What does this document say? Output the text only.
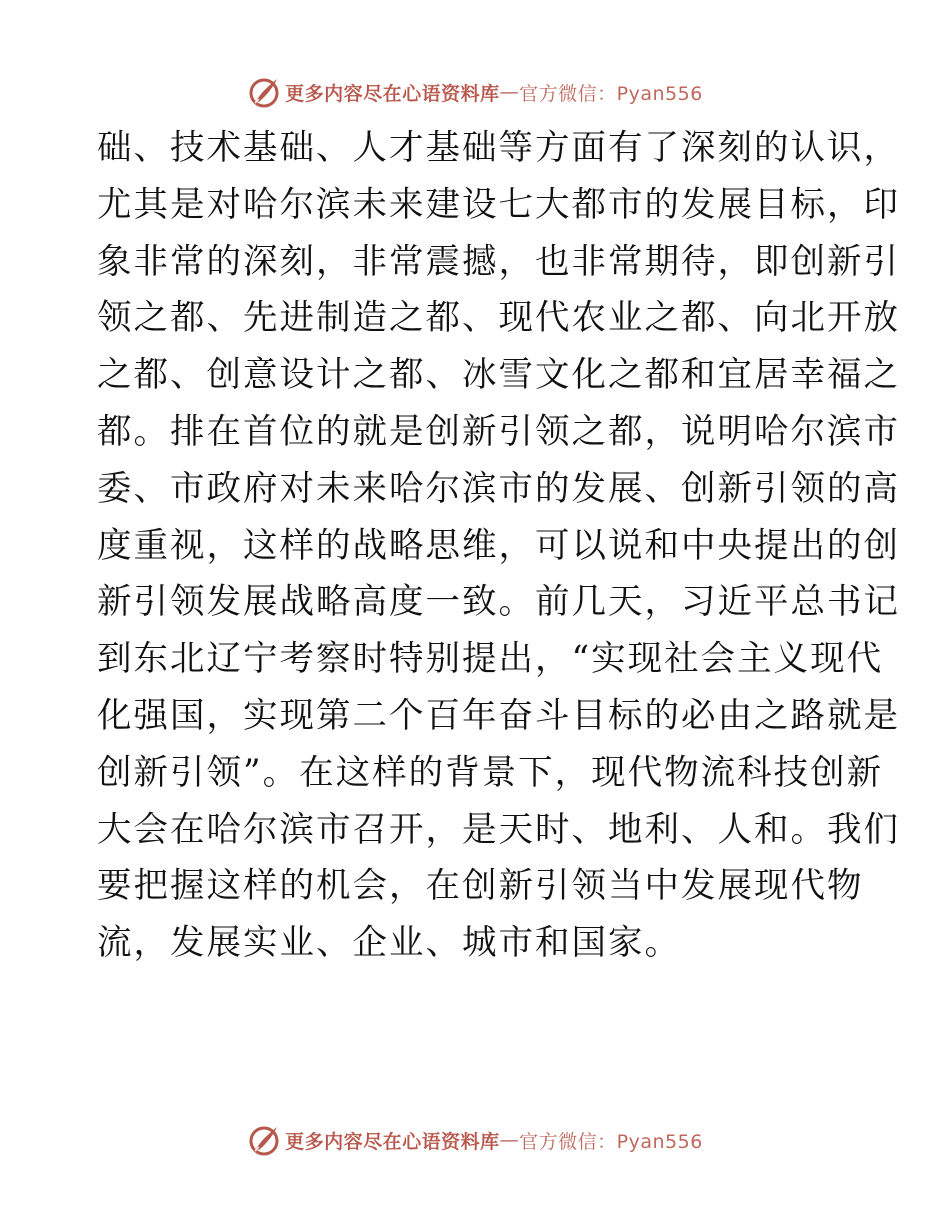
更多内容尽在心语资料库 — 官方微信：Pyan556
础、技术基础、人才基础等方面有了深刻的认识，
尤其是对哈尔滨未来建设七大都市的发展目标，印
象非常的深刻，非常震撼，也非常期待，即创新引
领之都、先进制造之都、现代农业之都、向北开放
之都、创意设计之都、冰雪文化之都和宜居幸福之
都。排在首位的就是创新引领之都，说明哈尔滨市
委、市政府对未来哈尔滨市的发展、创新引领的高
度重视，这样的战略思维，可以说和中央提出的创
新引领发展战略高度一致。前几天，习近平总书记
到东北辽宁考察时特别提出，“实现社会主义现代
化强国，实现第二个百年奋斗目标的必由之路就是
创新引领”。在这样的背景下，现代物流科技创新
大会在哈尔滨市召开，是天时、地利、人和。我们
要把握这样的机会，在创新引领当中发展现代物
流，发展实业、企业、城市和国家。
更多内容尽在心语资料库 — 官方微信：Pyan556
